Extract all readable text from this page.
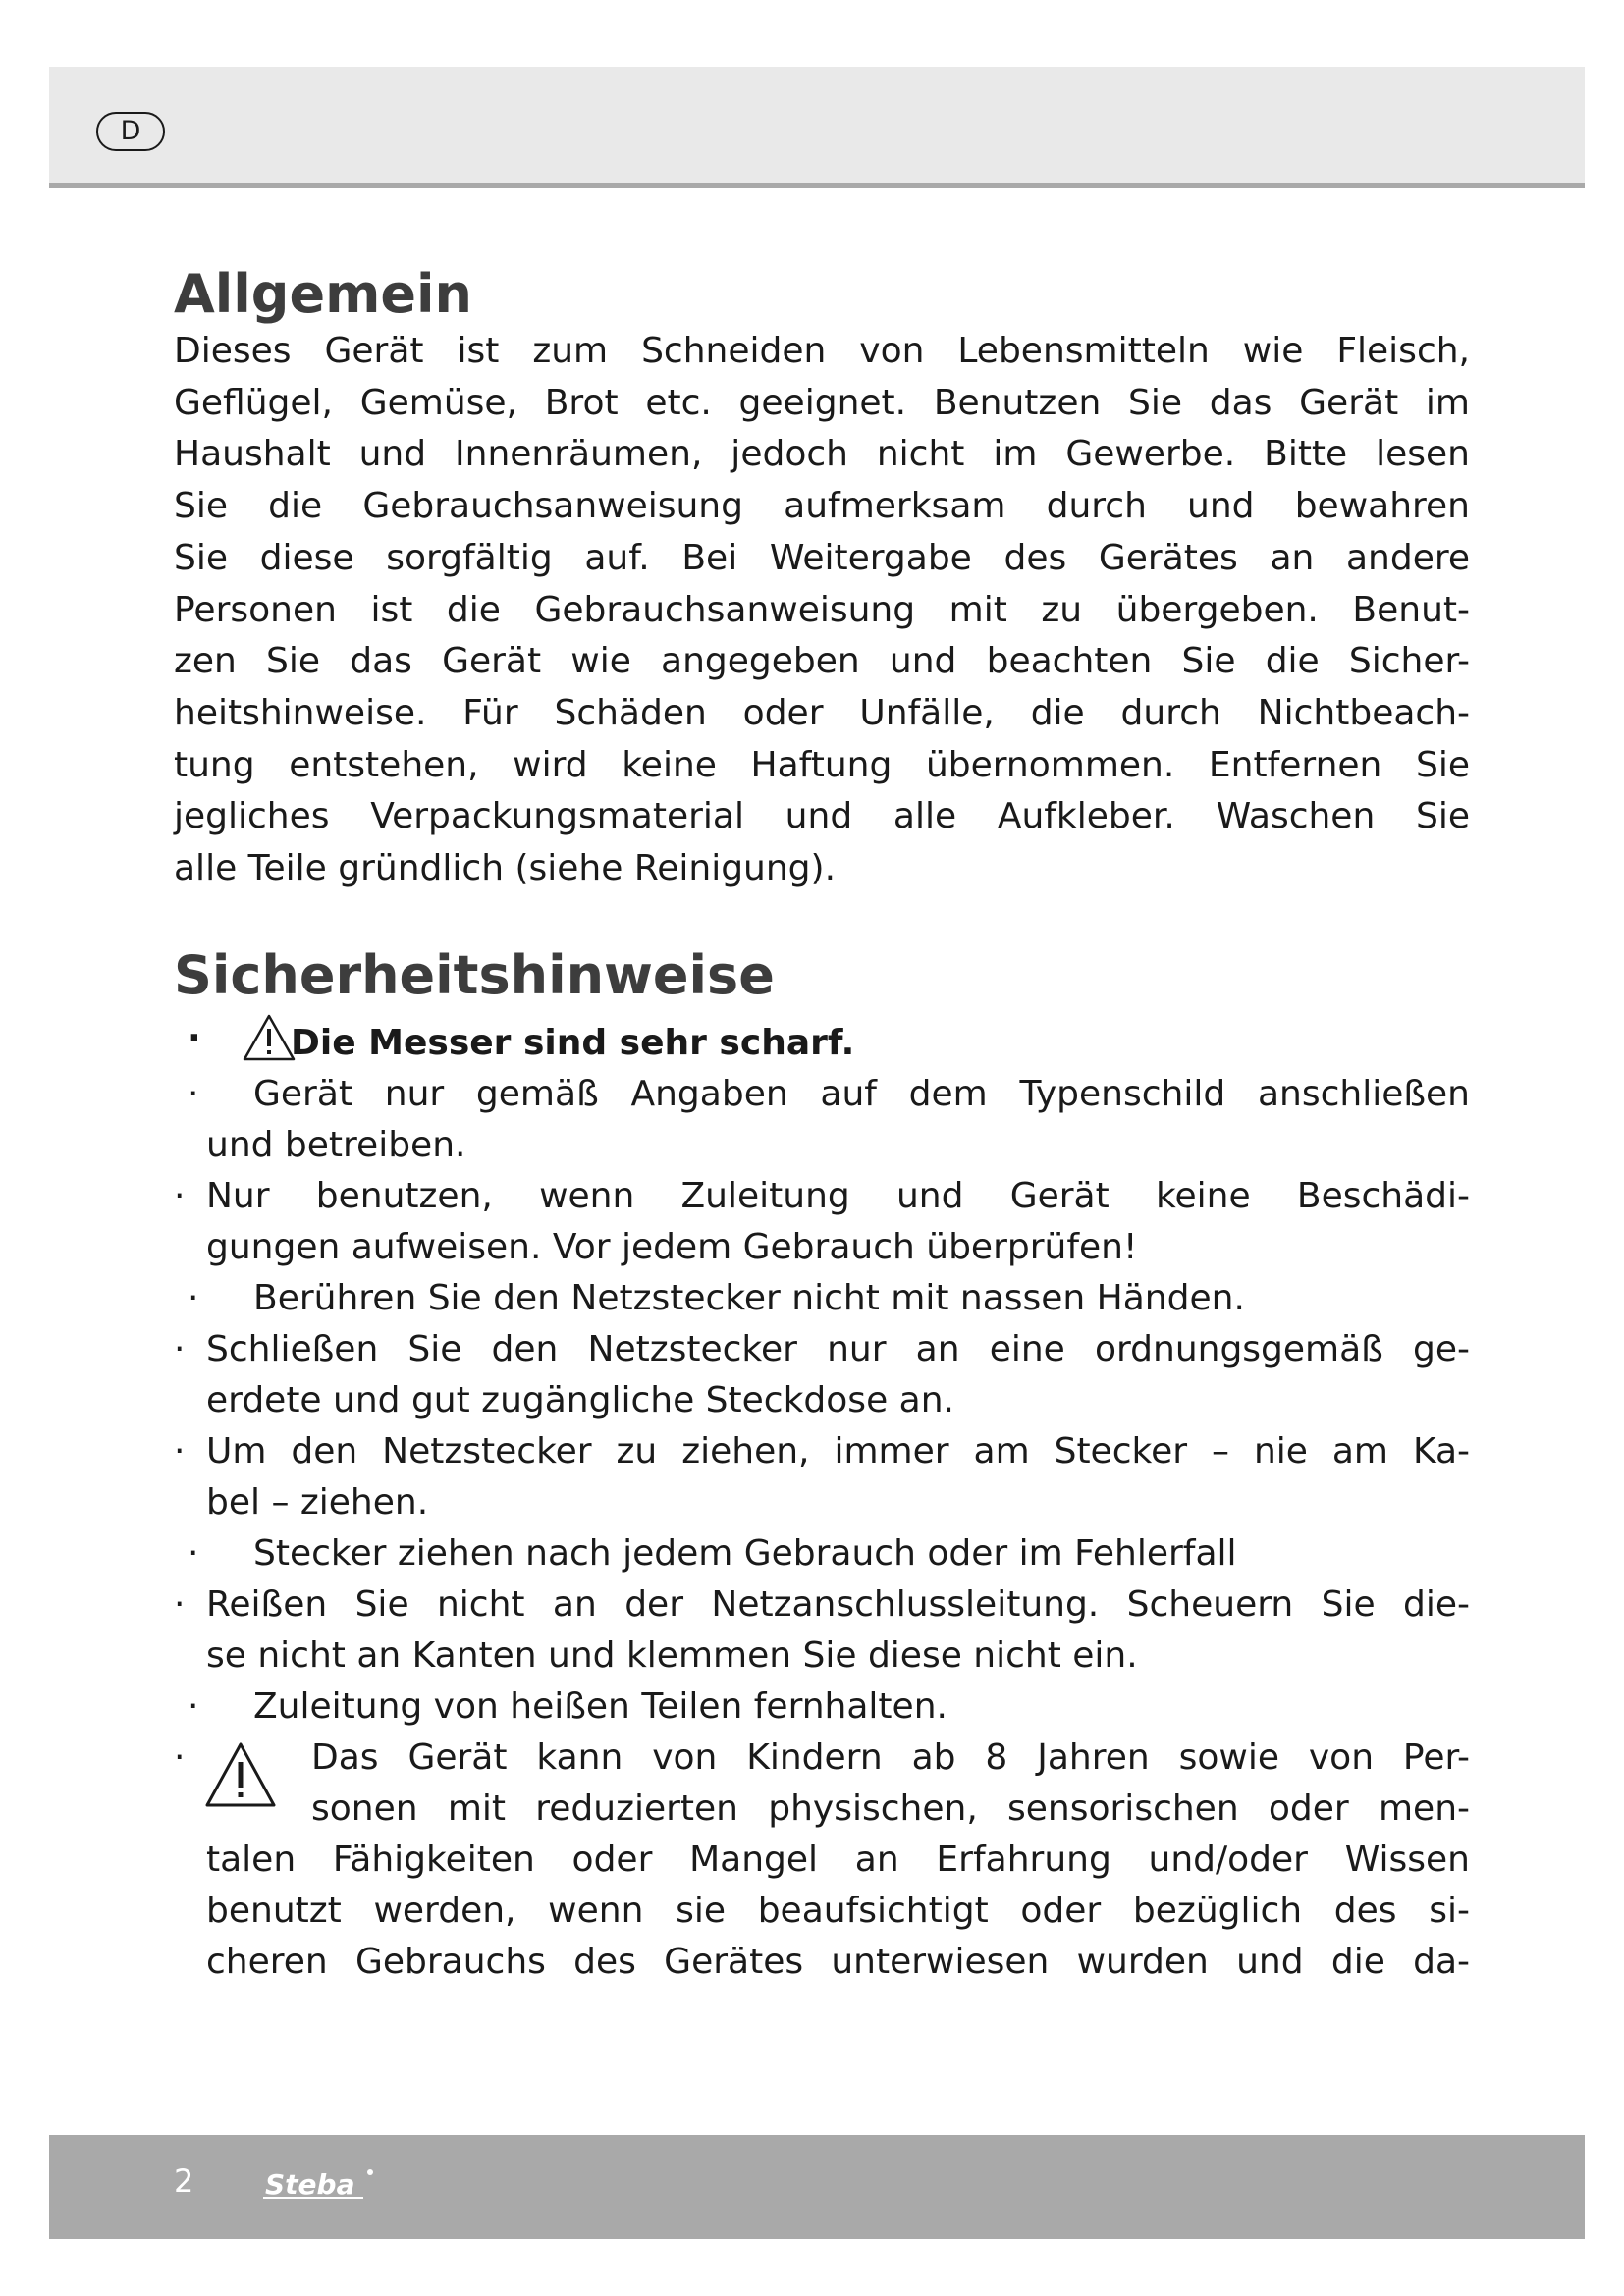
D
Allgemein

Dieses Gerät ist zum Schneiden von Lebensmitteln wie Fleisch,

Geflügel, Gemüse, Brot etc. geeignet. Benutzen Sie das Gerät im

Haushalt und Innenräumen, jedoch nicht im Gewerbe. Bitte lesen

Sie die Gebrauchsanweisung aufmerksam durch und bewahren

Sie diese sorgfältig auf. Bei Weitergabe des Gerätes an andere

Personen ist die Gebrauchsanweisung mit zu übergeben. Benut-

zen Sie das Gerät wie angegeben und beachten Sie die Sicher-

heitshinweise. Für Schäden oder Unfälle, die durch Nichtbeach-

tung entstehen, wird keine Haftung übernommen. Entfernen Sie

jegliches Verpackungsmaterial und alle Aufkleber. Waschen Sie

alle Teile gründlich (siehe Reinigung).

Sicherheitshinweise
·	Die Messer sind sehr scharf.
·	Gerät nur gemäß Angaben auf dem Typenschild anschließen
und betreiben.
· Nur benutzen, wenn Zuleitung und Gerät keine Beschädi-
gungen aufweisen. Vor jedem Gebrauch überprüfen!
·	Berühren Sie den Netzstecker nicht mit nassen Händen.
· Schließen Sie den Netzstecker nur an eine ordnungsgemäß ge-
erdete und gut zugängliche Steckdose an.
· Um den Netzstecker zu ziehen, immer am Stecker – nie am Ka-
bel – ziehen.
·	Stecker ziehen nach jedem Gebrauch oder im Fehlerfall
· Reißen Sie nicht an der Netzanschlussleitung. Scheuern Sie die-
se nicht an Kanten und klemmen Sie diese nicht ein.
·	Zuleitung von heißen Teilen fernhalten.
·	Das Gerät kann von Kindern ab 8 Jahren sowie von Per-
sonen mit reduzierten physischen, sensorischen oder men-
talen Fähigkeiten oder Mangel an Erfahrung und/oder Wissen
benutzt werden, wenn sie beaufsichtigt oder bezüglich des si-
cheren Gebrauchs des Gerätes unterwiesen wurden und die da-
2	Steba
